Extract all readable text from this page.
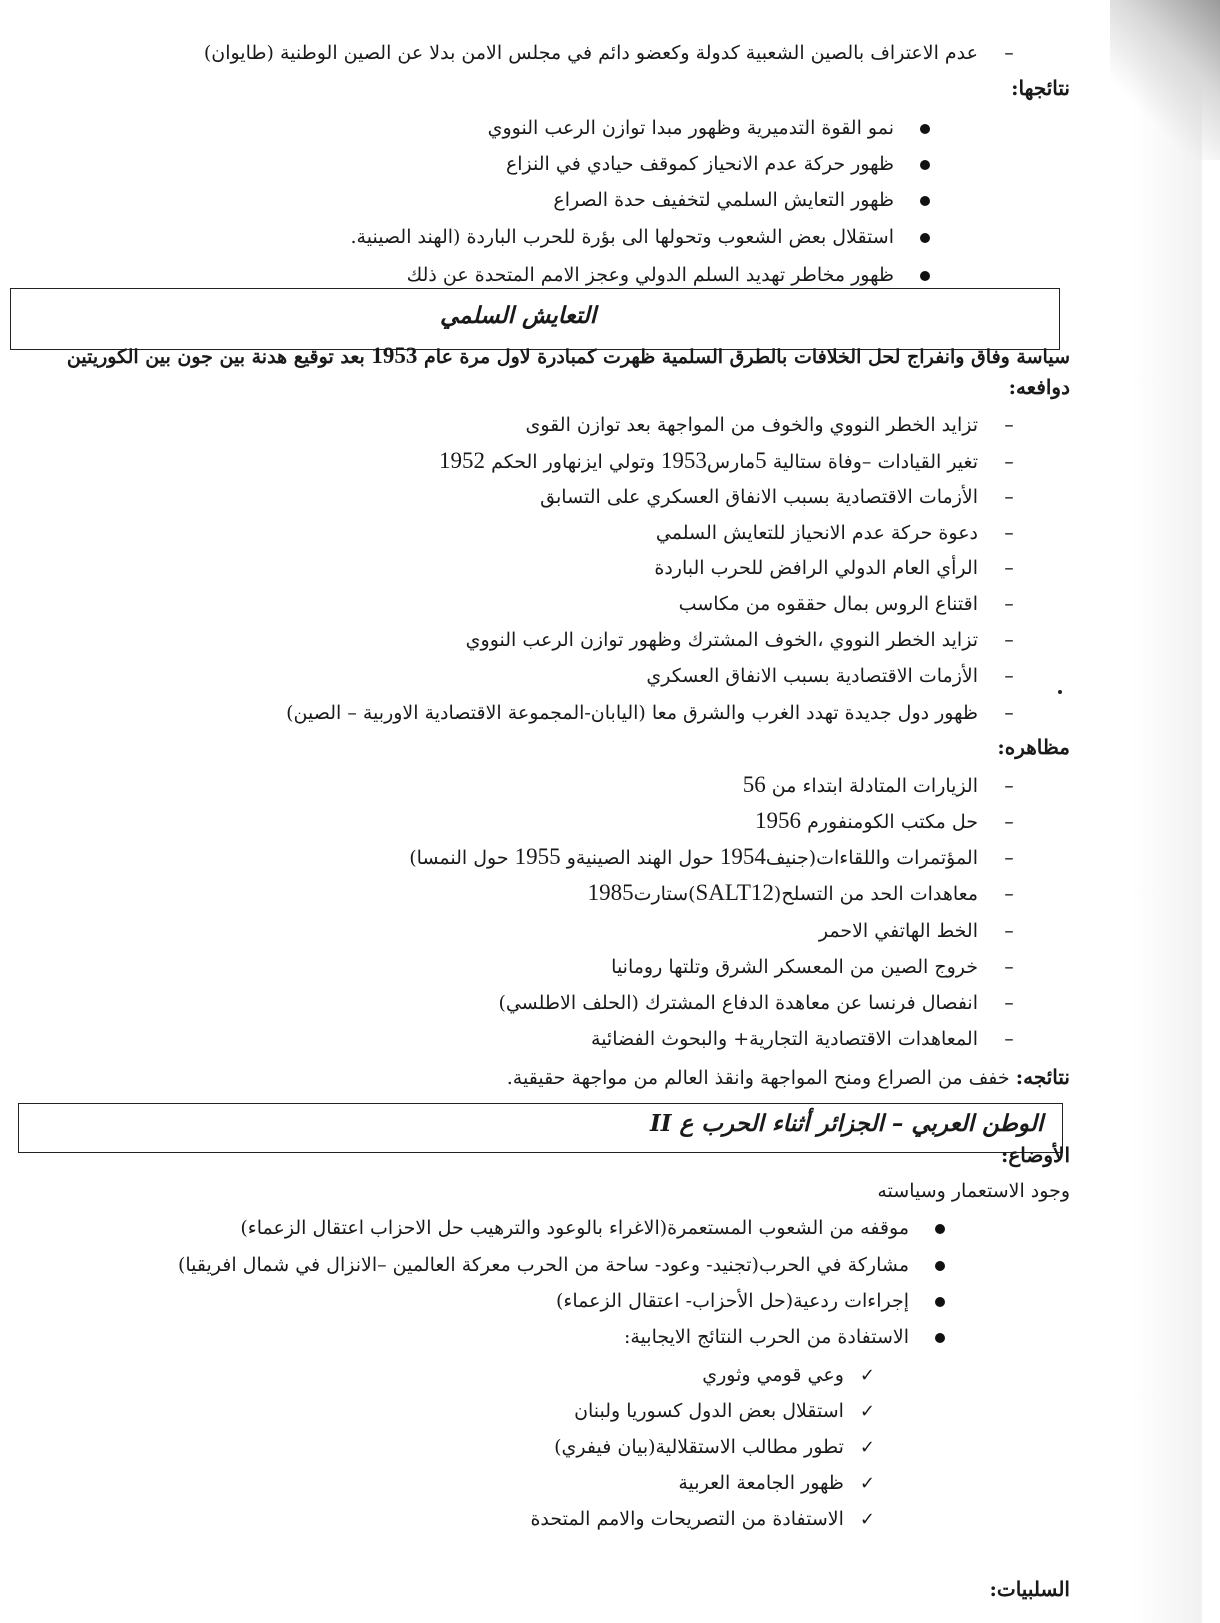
–عدم الاعتراف بالصين الشعبية كدولة وكعضو دائم في مجلس الامن بدلا عن الصين الوطنية (طايوان)
نتائجها:
نمو القوة التدميرية وظهور مبدا توازن الرعب النووي
ظهور حركة عدم الانحياز كموقف حيادي في النزاع
ظهور التعايش السلمي لتخفيف حدة الصراع
استقلال بعض الشعوب وتحولها الى بؤرة للحرب الباردة (الهند الصينية.
ظهور مخاطر تهديد السلم الدولي وعجز الامم المتحدة عن ذلك
التعايش السلمي
سياسة وفاق وانفراج لحل الخلافات بالطرق السلمية ظهرت كمبادرة لاول مرة عام 1953 بعد توقيع هدنة بين جون بين الكوريتين
دوافعه:
–تزايد الخطر النووي والخوف من المواجهة بعد توازن القوى
–تغير القيادات –وفاة ستالية 5مارس1953 وتولي ايزنهاور الحكم 1952
–الأزمات الاقتصادية بسبب الانفاق العسكري على التسابق
–دعوة حركة عدم الانحياز للتعايش السلمي
–الرأي العام الدولي الرافض للحرب الباردة
–اقتناع الروس بمال حققوه من مكاسب
–تزايد الخطر النووي ،الخوف المشترك وظهور توازن الرعب النووي
–الأزمات الاقتصادية بسبب الانفاق العسكري
–ظهور دول جديدة تهدد الغرب والشرق معا (اليابان-المجموعة الاقتصادية الاوربية – الصين)
مظاهره:
–الزيارات المتادلة ابتداء من 56
–حل مكتب الكومنفورم 1956
–المؤتمرات واللقاءات(جنيف1954 حول الهند الصينيةو 1955 حول النمسا)
–معاهدات الحد من التسلح(SALT12)ستارت1985
–الخط الهاتفي الاحمر
–خروج الصين من المعسكر الشرق وتلتها رومانيا
–انفصال فرنسا عن معاهدة الدفاع المشترك (الحلف الاطلسي)
–المعاهدات الاقتصادية التجارية+ والبحوث الفضائية
نتائجه: خفف من الصراع ومنح المواجهة وانقذ العالم من مواجهة حقيقية.
الوطن العربي – الجزائر أثناء الحرب ع II
الأوضاع:
وجود الاستعمار وسياسته
موقفه من الشعوب المستعمرة(الاغراء بالوعود والترهيب حل الاحزاب اعتقال الزعماء)
مشاركة في الحرب(تجنيد- وعود- ساحة من الحرب معركة العالمين –الانزال في شمال افريقيا)
إجراءات ردعية(حل الأحزاب- اعتقال الزعماء)
الاستفادة من الحرب النتائج الايجابية:
✓وعي قومي وثوري
✓استقلال بعض الدول كسوريا ولبنان
✓تطور مطالب الاستقلالية(بيان فيفري)
✓ظهور الجامعة العربية
✓الاستفادة من التصريحات والامم المتحدة
السلبيات:
